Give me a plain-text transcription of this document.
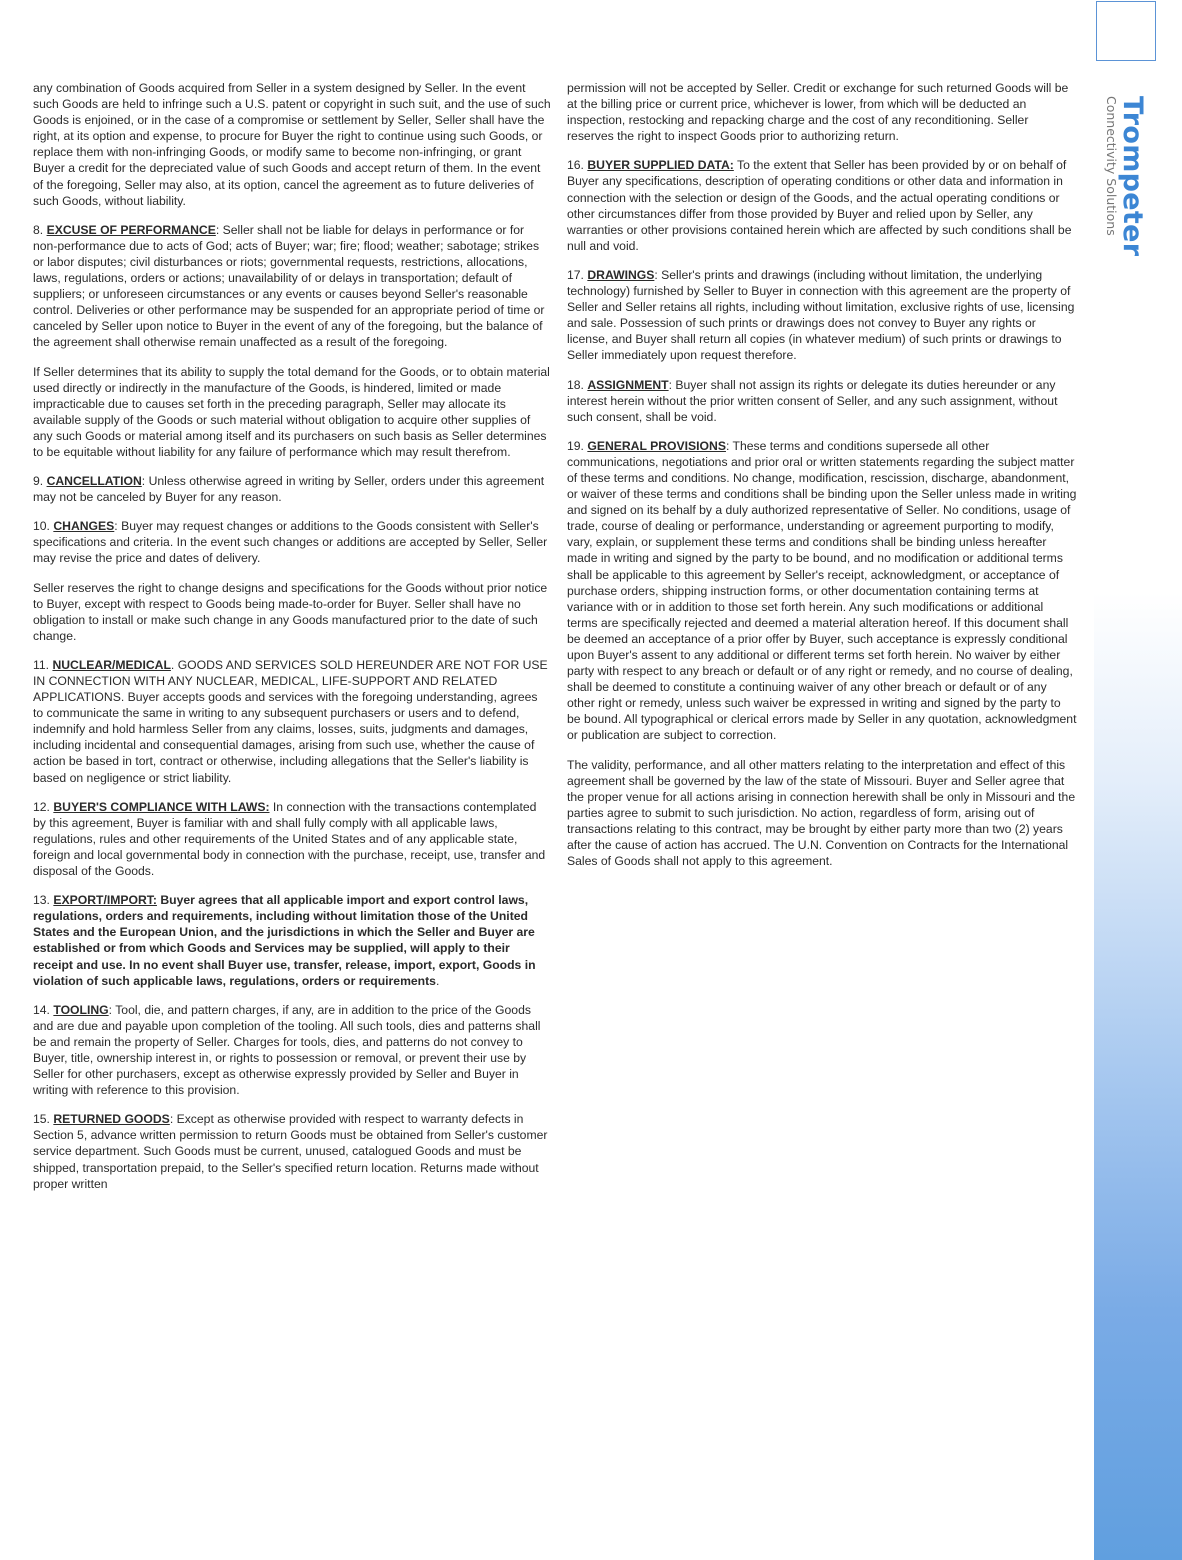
any combination of Goods acquired from Seller in a system designed by Seller. In the event such Goods are held to infringe such a U.S. patent or copyright in such suit, and the use of such Goods is enjoined, or in the case of a compromise or settlement by Seller, Seller shall have the right, at its option and expense, to procure for Buyer the right to continue using such Goods, or replace them with non-infringing Goods, or modify same to become non-infringing, or grant Buyer a credit for the depreciated value of such Goods and accept return of them. In the event of the foregoing, Seller may also, at its option, cancel the agreement as to future deliveries of such Goods, without liability.

8. EXCUSE OF PERFORMANCE: Seller shall not be liable for delays in performance or for non-performance due to acts of God; acts of Buyer; war; fire; flood; weather; sabotage; strikes or labor disputes; civil disturbances or riots; governmental requests, restrictions, allocations, laws, regulations, orders or actions; unavailability of or delays in transportation; default of suppliers; or unforeseen circumstances or any events or causes beyond Seller's reasonable control. Deliveries or other performance may be suspended for an appropriate period of time or canceled by Seller upon notice to Buyer in the event of any of the foregoing, but the balance of the agreement shall otherwise remain unaffected as a result of the foregoing.

If Seller determines that its ability to supply the total demand for the Goods, or to obtain material used directly or indirectly in the manufacture of the Goods, is hindered, limited or made impracticable due to causes set forth in the preceding paragraph, Seller may allocate its available supply of the Goods or such material without obligation to acquire other supplies of any such Goods or material among itself and its purchasers on such basis as Seller determines to be equitable without liability for any failure of performance which may result therefrom.

9. CANCELLATION: Unless otherwise agreed in writing by Seller, orders under this agreement may not be canceled by Buyer for any reason.

10. CHANGES: Buyer may request changes or additions to the Goods consistent with Seller's specifications and criteria. In the event such changes or additions are accepted by Seller, Seller may revise the price and dates of delivery.

Seller reserves the right to change designs and specifications for the Goods without prior notice to Buyer, except with respect to Goods being made-to-order for Buyer. Seller shall have no obligation to install or make such change in any Goods manufactured prior to the date of such change.

11. NUCLEAR/MEDICAL. GOODS AND SERVICES SOLD HEREUNDER ARE NOT FOR USE IN CONNECTION WITH ANY NUCLEAR, MEDICAL, LIFE-SUPPORT AND RELATED APPLICATIONS. Buyer accepts goods and services with the foregoing understanding, agrees to communicate the same in writing to any subsequent purchasers or users and to defend, indemnify and hold harmless Seller from any claims, losses, suits, judgments and damages, including incidental and consequential damages, arising from such use, whether the cause of action be based in tort, contract or otherwise, including allegations that the Seller's liability is based on negligence or strict liability.

12. BUYER'S COMPLIANCE WITH LAWS: In connection with the transactions contemplated by this agreement, Buyer is familiar with and shall fully comply with all applicable laws, regulations, rules and other requirements of the United States and of any applicable state, foreign and local governmental body in connection with the purchase, receipt, use, transfer and disposal of the Goods.

13. EXPORT/IMPORT: Buyer agrees that all applicable import and export control laws, regulations, orders and requirements, including without limitation those of the United States and the European Union, and the jurisdictions in which the Seller and Buyer are established or from which Goods and Services may be supplied, will apply to their receipt and use. In no event shall Buyer use, transfer, release, import, export, Goods in violation of such applicable laws, regulations, orders or requirements.

14. TOOLING: Tool, die, and pattern charges, if any, are in addition to the price of the Goods and are due and payable upon completion of the tooling. All such tools, dies and patterns shall be and remain the property of Seller. Charges for tools, dies, and patterns do not convey to Buyer, title, ownership interest in, or rights to possession or removal, or prevent their use by Seller for other purchasers, except as otherwise expressly provided by Seller and Buyer in writing with reference to this provision.

15. RETURNED GOODS: Except as otherwise provided with respect to warranty defects in Section 5, advance written permission to return Goods must be obtained from Seller's customer service department. Such Goods must be current, unused, catalogued Goods and must be shipped, transportation prepaid, to the Seller's specified return location. Returns made without proper written

permission will not be accepted by Seller. Credit or exchange for such returned Goods will be at the billing price or current price, whichever is lower, from which will be deducted an inspection, restocking and repacking charge and the cost of any reconditioning. Seller reserves the right to inspect Goods prior to authorizing return.

16. BUYER SUPPLIED DATA: To the extent that Seller has been provided by or on behalf of Buyer any specifications, description of operating conditions or other data and information in connection with the selection or design of the Goods, and the actual operating conditions or other circumstances differ from those provided by Buyer and relied upon by Seller, any warranties or other provisions contained herein which are affected by such conditions shall be null and void.

17. DRAWINGS: Seller's prints and drawings (including without limitation, the underlying technology) furnished by Seller to Buyer in connection with this agreement are the property of Seller and Seller retains all rights, including without limitation, exclusive rights of use, licensing and sale. Possession of such prints or drawings does not convey to Buyer any rights or license, and Buyer shall return all copies (in whatever medium) of such prints or drawings to Seller immediately upon request therefore.

18. ASSIGNMENT: Buyer shall not assign its rights or delegate its duties hereunder or any interest herein without the prior written consent of Seller, and any such assignment, without such consent, shall be void.

19. GENERAL PROVISIONS: These terms and conditions supersede all other communications, negotiations and prior oral or written statements regarding the subject matter of these terms and conditions. No change, modification, rescission, discharge, abandonment, or waiver of these terms and conditions shall be binding upon the Seller unless made in writing and signed on its behalf by a duly authorized representative of Seller. No conditions, usage of trade, course of dealing or performance, understanding or agreement purporting to modify, vary, explain, or supplement these terms and conditions shall be binding unless hereafter made in writing and signed by the party to be bound, and no modification or additional terms shall be applicable to this agreement by Seller's receipt, acknowledgment, or acceptance of purchase orders, shipping instruction forms, or other documentation containing terms at variance with or in addition to those set forth herein. Any such modifications or additional terms are specifically rejected and deemed a material alteration hereof. If this document shall be deemed an acceptance of a prior offer by Buyer, such acceptance is expressly conditional upon Buyer's assent to any additional or different terms set forth herein. No waiver by either party with respect to any breach or default or of any right or remedy, and no course of dealing, shall be deemed to constitute a continuing waiver of any other breach or default or of any other right or remedy, unless such waiver be expressed in writing and signed by the party to be bound. All typographical or clerical errors made by Seller in any quotation, acknowledgment or publication are subject to correction.

The validity, performance, and all other matters relating to the interpretation and effect of this agreement shall be governed by the law of the state of Missouri. Buyer and Seller agree that the proper venue for all actions arising in connection herewith shall be only in Missouri and the parties agree to submit to such jurisdiction. No action, regardless of form, arising out of transactions relating to this contract, may be brought by either party more than two (2) years after the cause of action has accrued. The U.N. Convention on Contracts for the International Sales of Goods shall not apply to this agreement.

Trompeter
Connectivity Solutions
